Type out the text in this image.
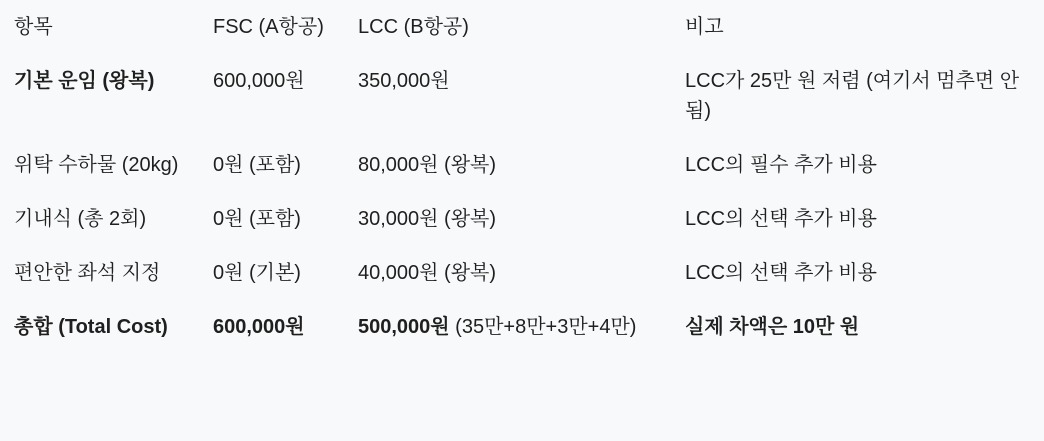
항목	FSC (A항공)	LCC (B항공)	비고
기본 운임 (왕복)	600,000원	350,000원	LCC가 25만 원 저렴 (여기서 멈추면 안 됨)
위탁 수하물 (20kg)	0원 (포함)	80,000원 (왕복)	LCC의 필수 추가 비용
기내식 (총 2회)	0원 (포함)	30,000원 (왕복)	LCC의 선택 추가 비용
편안한 좌석 지정	0원 (기본)	40,000원 (왕복)	LCC의 선택 추가 비용
총합 (Total Cost)	600,000원	500,000원 (35만+8만+3만+4만)	실제 차액은 10만 원
